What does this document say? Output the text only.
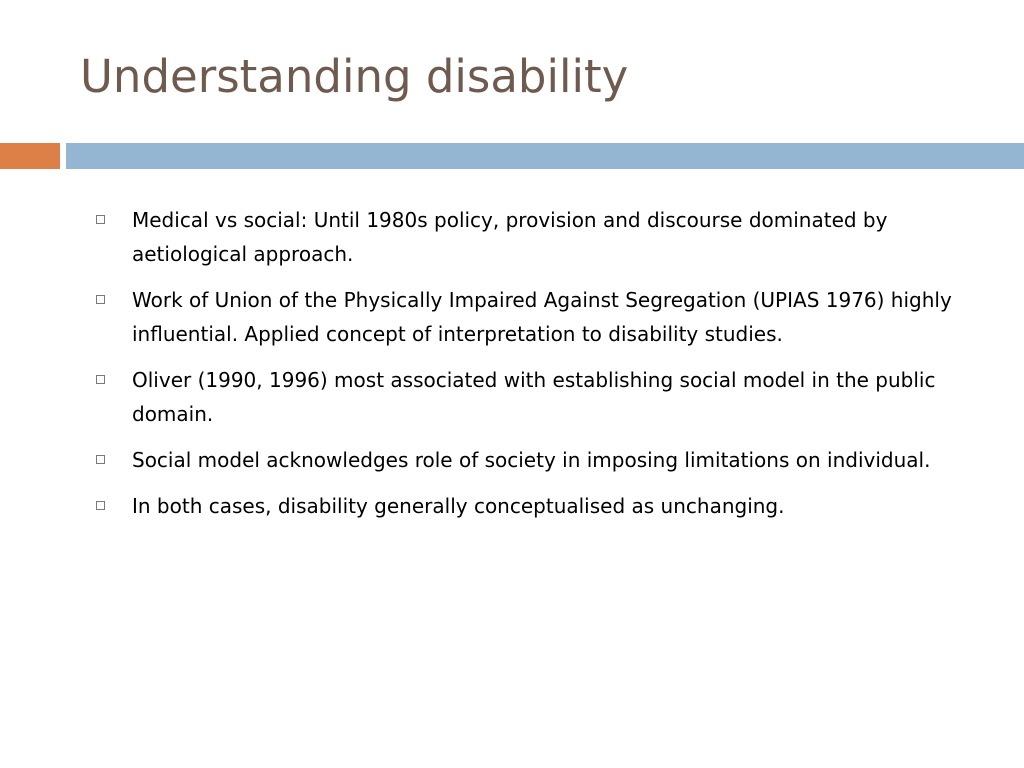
Understanding disability
Medical vs social: Until 1980s policy, provision and discourse dominated by aetiological approach.
Work of Union of the Physically Impaired Against Segregation (UPIAS 1976) highly influential. Applied concept of interpretation to disability studies.
Oliver (1990, 1996) most associated with establishing social model in the public domain.
Social model acknowledges role of society in imposing limitations on individual.
In both cases, disability generally conceptualised as unchanging.
